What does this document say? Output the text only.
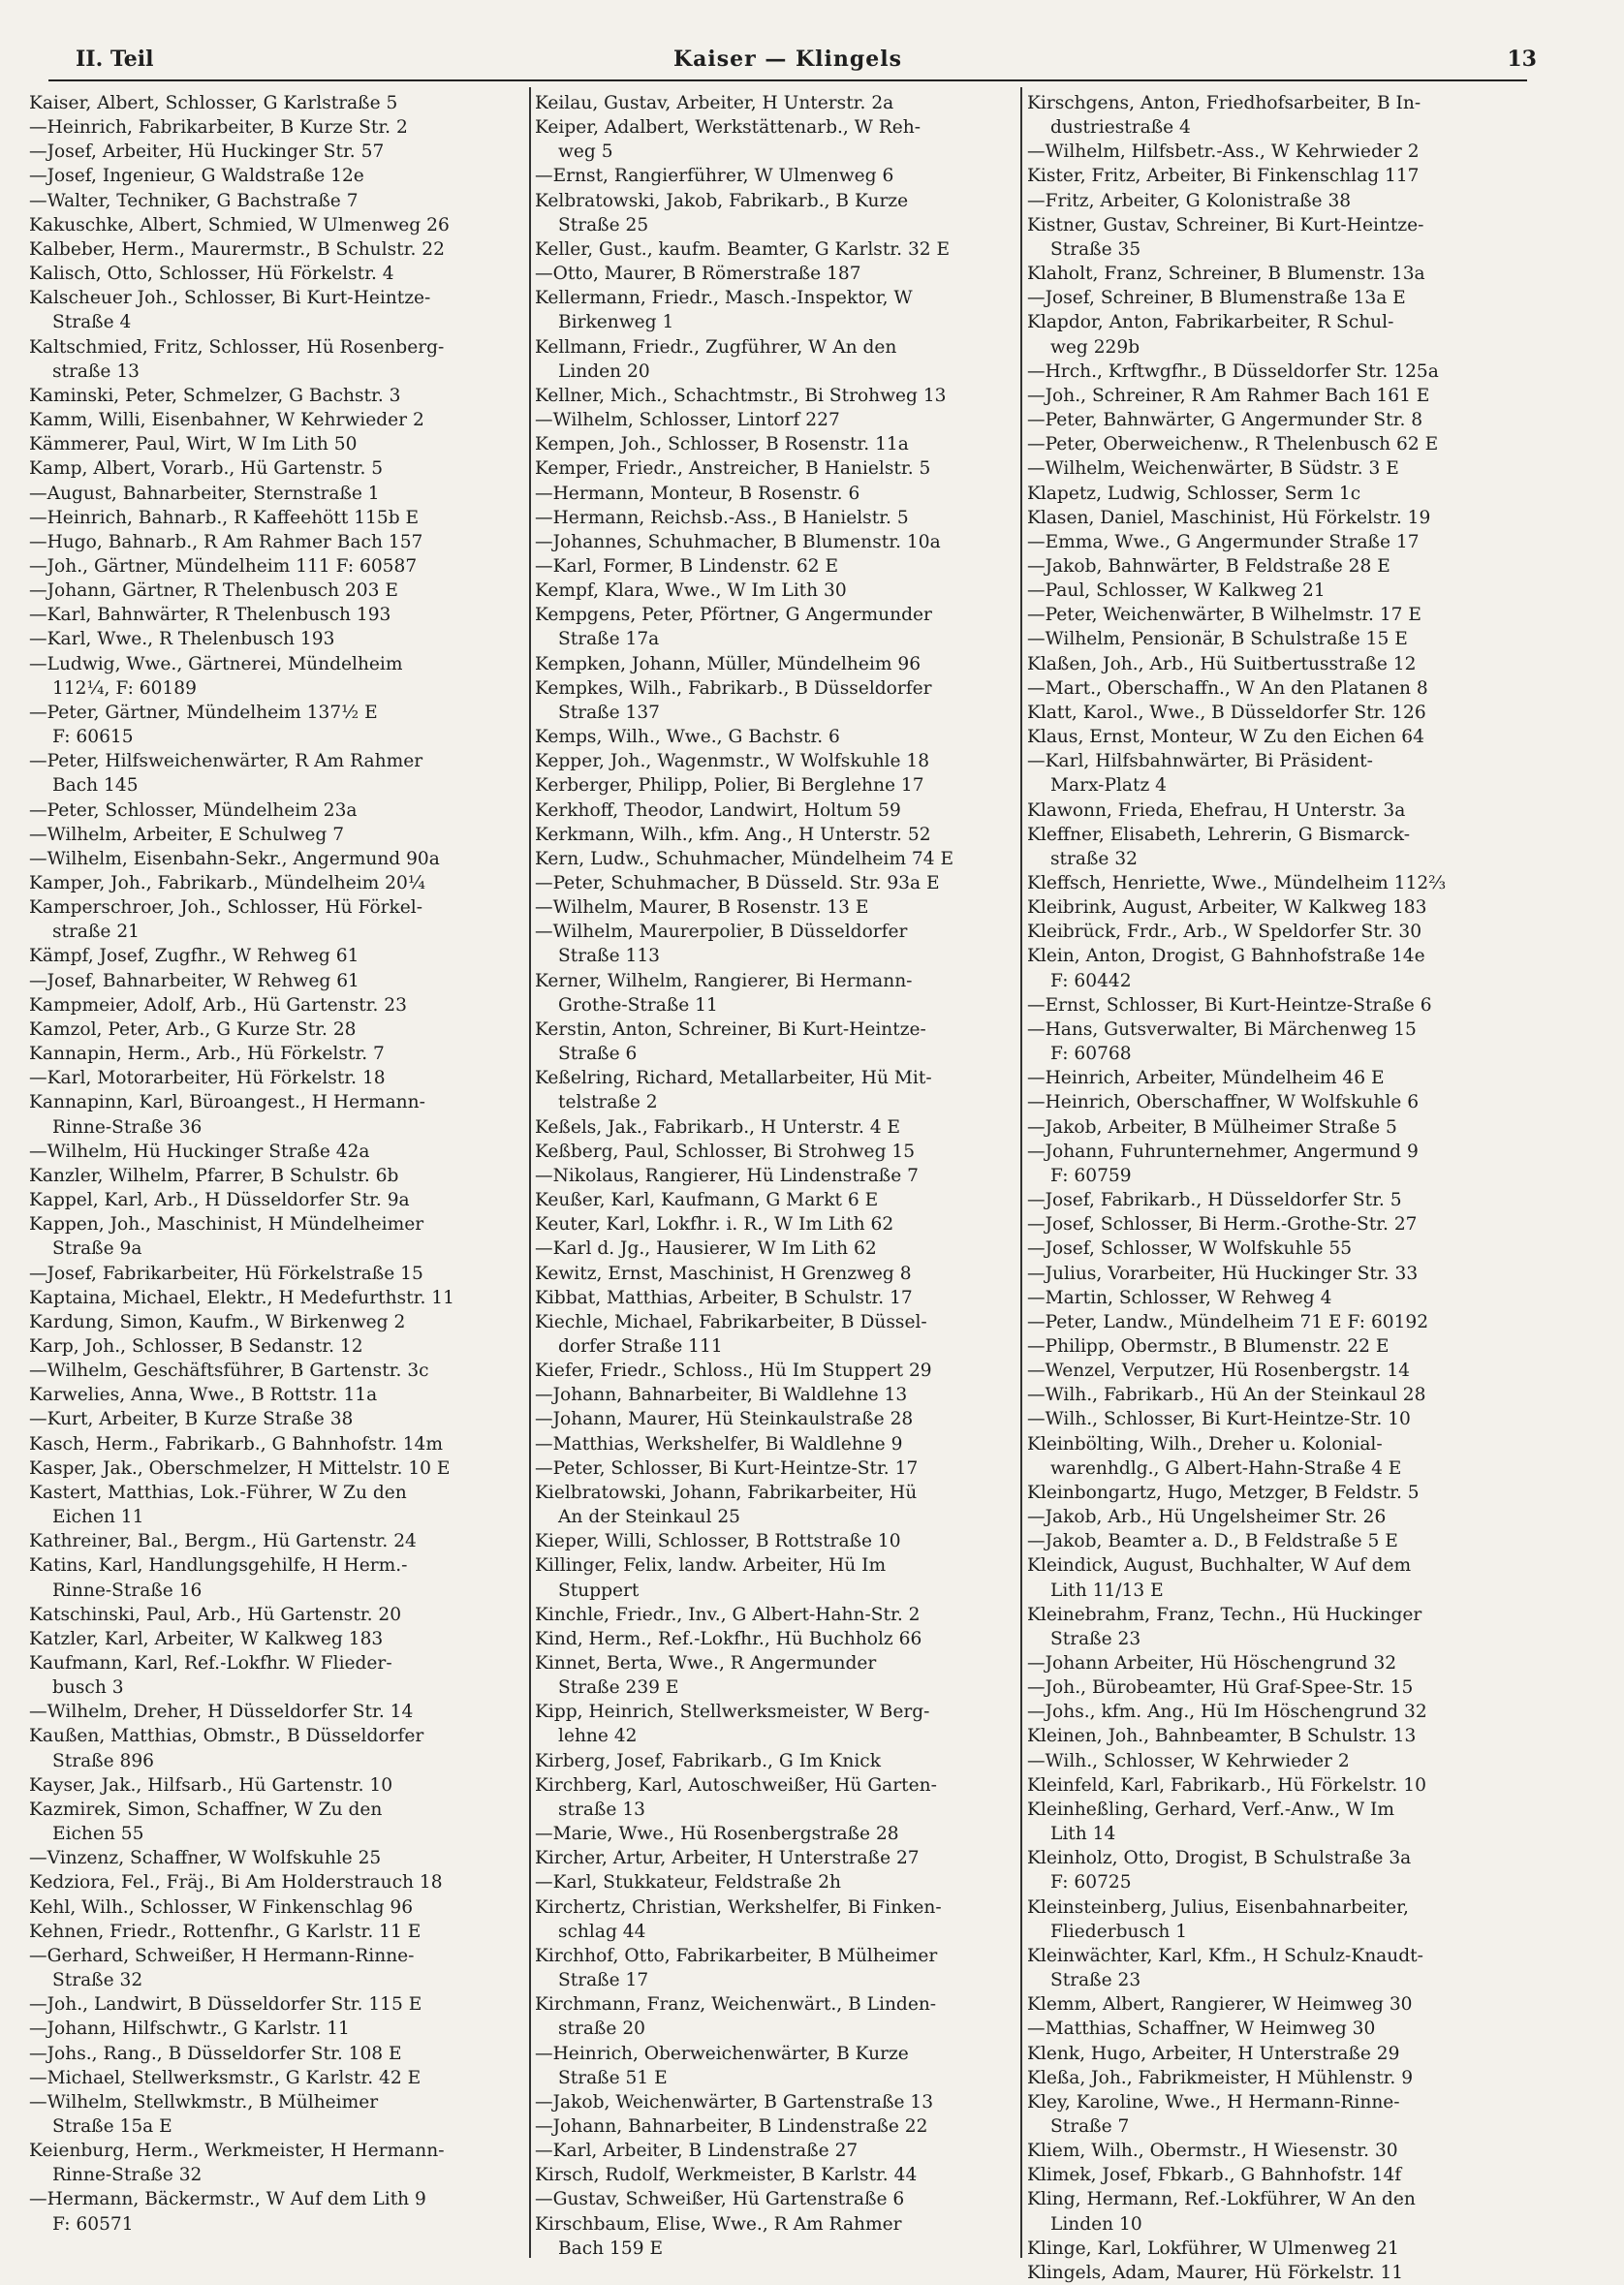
II. Teil	Kaiser — Klingels	13
Kaiser, Albert, Schlosser, G Karlstraße 5
—Heinrich, Fabrikarbeiter, B Kurze Str. 2
—Josef, Arbeiter, Hü Huckinger Str. 57
—Josef, Ingenieur, G Waldstraße 12e
—Walter, Techniker, G Bachstraße 7
Kakuschke, Albert, Schmied, W Ulmenweg 26
Kalbeber, Herm., Maurermstr., B Schulstr. 22
Kalisch, Otto, Schlosser, Hü Förkelstr. 4
Kalscheuer Joh., Schlosser, Bi Kurt-Heintze-
Straße 4
Kaltschmied, Fritz, Schlosser, Hü Rosenberg-
straße 13
Kaminski, Peter, Schmelzer, G Bachstr. 3
Kamm, Willi, Eisenbahner, W Kehrwieder 2
Kämmerer, Paul, Wirt, W Im Lith 50
Kamp, Albert, Vorarb., Hü Gartenstr. 5
—August, Bahnarbeiter, Sternstraße 1
—Heinrich, Bahnarb., R Kaffeehött 115b E
—Hugo, Bahnarb., R Am Rahmer Bach 157
—Joh., Gärtner, Mündelheim 111 F: 60587
—Johann, Gärtner, R Thelenbusch 203 E
—Karl, Bahnwärter, R Thelenbusch 193
—Karl, Wwe., R Thelenbusch 193
—Ludwig, Wwe., Gärtnerei, Mündelheim
112¼, F: 60189
—Peter, Gärtner, Mündelheim 137½ E
F: 60615
—Peter, Hilfsweichenwärter, R Am Rahmer
Bach 145
—Peter, Schlosser, Mündelheim 23a
—Wilhelm, Arbeiter, E Schulweg 7
—Wilhelm, Eisenbahn-Sekr., Angermund 90a
Kamper, Joh., Fabrikarb., Mündelheim 20¼
Kamperschroer, Joh., Schlosser, Hü Förkel-
straße 21
Kämpf, Josef, Zugfhr., W Rehweg 61
—Josef, Bahnarbeiter, W Rehweg 61
Kampmeier, Adolf, Arb., Hü Gartenstr. 23
Kamzol, Peter, Arb., G Kurze Str. 28
Kannapin, Herm., Arb., Hü Förkelstr. 7
—Karl, Motorarbeiter, Hü Förkelstr. 18
Kannapinn, Karl, Büroangest., H Hermann-
Rinne-Straße 36
—Wilhelm, Hü Huckinger Straße 42a
Kanzler, Wilhelm, Pfarrer, B Schulstr. 6b
Kappel, Karl, Arb., H Düsseldorfer Str. 9a
Kappen, Joh., Maschinist, H Mündelheimer
Straße 9a
—Josef, Fabrikarbeiter, Hü Förkelstraße 15
Kaptaina, Michael, Elektr., H Medefurthstr. 11
Kardung, Simon, Kaufm., W Birkenweg 2
Karp, Joh., Schlosser, B Sedanstr. 12
—Wilhelm, Geschäftsführer, B Gartenstr. 3c
Karwelies, Anna, Wwe., B Rottstr. 11a
—Kurt, Arbeiter, B Kurze Straße 38
Kasch, Herm., Fabrikarb., G Bahnhofstr. 14m
Kasper, Jak., Oberschmelzer, H Mittelstr. 10 E
Kastert, Matthias, Lok.-Führer, W Zu den
Eichen 11
Kathreiner, Bal., Bergm., Hü Gartenstr. 24
Katins, Karl, Handlungsgehilfe, H Herm.-
Rinne-Straße 16
Katschinski, Paul, Arb., Hü Gartenstr. 20
Katzler, Karl, Arbeiter, W Kalkweg 183
Kaufmann, Karl, Ref.-Lokfhr. W Flieder-
busch 3
—Wilhelm, Dreher, H Düsseldorfer Str. 14
Kaußen, Matthias, Obmstr., B Düsseldorfer
Straße 896
Kayser, Jak., Hilfsarb., Hü Gartenstr. 10
Kazmirek, Simon, Schaffner, W Zu den
Eichen 55
—Vinzenz, Schaffner, W Wolfskuhle 25
Kedziora, Fel., Fräj., Bi Am Holderstrauch 18
Kehl, Wilh., Schlosser, W Finkenschlag 96
Kehnen, Friedr., Rottenfhr., G Karlstr. 11 E
—Gerhard, Schweißer, H Hermann-Rinne-
Straße 32
—Joh., Landwirt, B Düsseldorfer Str. 115 E
—Johann, Hilfschwtr., G Karlstr. 11
—Johs., Rang., B Düsseldorfer Str. 108 E
—Michael, Stellwerksmstr., G Karlstr. 42 E
—Wilhelm, Stellwkmstr., B Mülheimer
Straße 15a E
Keienburg, Herm., Werkmeister, H Hermann-
Rinne-Straße 32
—Hermann, Bäckermstr., W Auf dem Lith 9
F: 60571
Keilau, Gustav, Arbeiter, H Unterstr. 2a
Keiper, Adalbert, Werkstättenarb., W Reh-
weg 5
—Ernst, Rangierführer, W Ulmenweg 6
Kelbratowski, Jakob, Fabrikarb., B Kurze
Straße 25
Keller, Gust., kaufm. Beamter, G Karlstr. 32 E
—Otto, Maurer, B Römerstraße 187
Kellermann, Friedr., Masch.-Inspektor, W
Birkenweg 1
Kellmann, Friedr., Zugführer, W An den
Linden 20
Kellner, Mich., Schachtmstr., Bi Strohweg 13
—Wilhelm, Schlosser, Lintorf 227
Kempen, Joh., Schlosser, B Rosenstr. 11a
Kemper, Friedr., Anstreicher, B Hanielstr. 5
—Hermann, Monteur, B Rosenstr. 6
—Hermann, Reichsb.-Ass., B Hanielstr. 5
—Johannes, Schuhmacher, B Blumenstr. 10a
—Karl, Former, B Lindenstr. 62 E
Kempf, Klara, Wwe., W Im Lith 30
Kempgens, Peter, Pförtner, G Angermunder
Straße 17a
Kempken, Johann, Müller, Mündelheim 96
Kempkes, Wilh., Fabrikarb., B Düsseldorfer
Straße 137
Kemps, Wilh., Wwe., G Bachstr. 6
Kepper, Joh., Wagenmstr., W Wolfskuhle 18
Kerberger, Philipp, Polier, Bi Berglehne 17
Kerkhoff, Theodor, Landwirt, Holtum 59
Kerkmann, Wilh., kfm. Ang., H Unterstr. 52
Kern, Ludw., Schuhmacher, Mündelheim 74 E
—Peter, Schuhmacher, B Düsseld. Str. 93a E
—Wilhelm, Maurer, B Rosenstr. 13 E
—Wilhelm, Maurerpolier, B Düsseldorfer
Straße 113
Kerner, Wilhelm, Rangierer, Bi Hermann-
Grothe-Straße 11
Kerstin, Anton, Schreiner, Bi Kurt-Heintze-
Straße 6
Keßelring, Richard, Metallarbeiter, Hü Mit-
telstraße 2
Keßels, Jak., Fabrikarb., H Unterstr. 4 E
Keßberg, Paul, Schlosser, Bi Strohweg 15
—Nikolaus, Rangierer, Hü Lindenstraße 7
Keußer, Karl, Kaufmann, G Markt 6 E
Keuter, Karl, Lokfhr. i. R., W Im Lith 62
—Karl d. Jg., Hausierer, W Im Lith 62
Kewitz, Ernst, Maschinist, H Grenzweg 8
Kibbat, Matthias, Arbeiter, B Schulstr. 17
Kiechle, Michael, Fabrikarbeiter, B Düssel-
dorfer Straße 111
Kiefer, Friedr., Schloss., Hü Im Stuppert 29
—Johann, Bahnarbeiter, Bi Waldlehne 13
—Johann, Maurer, Hü Steinkaulstraße 28
—Matthias, Werkshelfer, Bi Waldlehne 9
—Peter, Schlosser, Bi Kurt-Heintze-Str. 17
Kielbratowski, Johann, Fabrikarbeiter, Hü
An der Steinkaul 25
Kieper, Willi, Schlosser, B Rottstraße 10
Killinger, Felix, landw. Arbeiter, Hü Im
Stuppert
Kinchle, Friedr., Inv., G Albert-Hahn-Str. 2
Kind, Herm., Ref.-Lokfhr., Hü Buchholz 66
Kinnet, Berta, Wwe., R Angermunder
Straße 239 E
Kipp, Heinrich, Stellwerksmeister, W Berg-
lehne 42
Kirberg, Josef, Fabrikarb., G Im Knick
Kirchberg, Karl, Autoschweißer, Hü Garten-
straße 13
—Marie, Wwe., Hü Rosenbergstraße 28
Kircher, Artur, Arbeiter, H Unterstraße 27
—Karl, Stukkateur, Feldstraße 2h
Kirchertz, Christian, Werkshelfer, Bi Finken-
schlag 44
Kirchhof, Otto, Fabrikarbeiter, B Mülheimer
Straße 17
Kirchmann, Franz, Weichenwärt., B Linden-
straße 20
—Heinrich, Oberweichenwärter, B Kurze
Straße 51 E
—Jakob, Weichenwärter, B Gartenstraße 13
—Johann, Bahnarbeiter, B Lindenstraße 22
—Karl, Arbeiter, B Lindenstraße 27
Kirsch, Rudolf, Werkmeister, B Karlstr. 44
—Gustav, Schweißer, Hü Gartenstraße 6
Kirschbaum, Elise, Wwe., R Am Rahmer
Bach 159 E
Kirschgens, Anton, Friedhofsarbeiter, B In-
dustriestraße 4
—Wilhelm, Hilfsbetr.-Ass., W Kehrwieder 2
Kister, Fritz, Arbeiter, Bi Finkenschlag 117
—Fritz, Arbeiter, G Kolonistraße 38
Kistner, Gustav, Schreiner, Bi Kurt-Heintze-
Straße 35
Klaholt, Franz, Schreiner, B Blumenstr. 13a
—Josef, Schreiner, B Blumenstraße 13a E
Klapdor, Anton, Fabrikarbeiter, R Schul-
weg 229b
—Hrch., Krftwgfhr., B Düsseldorfer Str. 125a
—Joh., Schreiner, R Am Rahmer Bach 161 E
—Peter, Bahnwärter, G Angermunder Str. 8
—Peter, Oberweichenw., R Thelenbusch 62 E
—Wilhelm, Weichenwärter, B Südstr. 3 E
Klapetz, Ludwig, Schlosser, Serm 1c
Klasen, Daniel, Maschinist, Hü Förkelstr. 19
—Emma, Wwe., G Angermunder Straße 17
—Jakob, Bahnwärter, B Feldstraße 28 E
—Paul, Schlosser, W Kalkweg 21
—Peter, Weichenwärter, B Wilhelmstr. 17 E
—Wilhelm, Pensionär, B Schulstraße 15 E
Klaßen, Joh., Arb., Hü Suitbertusstraße 12
—Mart., Oberschaffn., W An den Platanen 8
Klatt, Karol., Wwe., B Düsseldorfer Str. 126
Klaus, Ernst, Monteur, W Zu den Eichen 64
—Karl, Hilfsbahnwärter, Bi Präsident-
Marx-Platz 4
Klawonn, Frieda, Ehefrau, H Unterstr. 3a
Kleffner, Elisabeth, Lehrerin, G Bismarck-
straße 32
Kleffsch, Henriette, Wwe., Mündelheim 112⅔
Kleibrink, August, Arbeiter, W Kalkweg 183
Kleibrück, Frdr., Arb., W Speldorfer Str. 30
Klein, Anton, Drogist, G Bahnhofstraße 14e
F: 60442
—Ernst, Schlosser, Bi Kurt-Heintze-Straße 6
—Hans, Gutsverwalter, Bi Märchenweg 15
F: 60768
—Heinrich, Arbeiter, Mündelheim 46 E
—Heinrich, Oberschaffner, W Wolfskuhle 6
—Jakob, Arbeiter, B Mülheimer Straße 5
—Johann, Fuhrunternehmer, Angermund 9
F: 60759
—Josef, Fabrikarb., H Düsseldorfer Str. 5
—Josef, Schlosser, Bi Herm.-Grothe-Str. 27
—Josef, Schlosser, W Wolfskuhle 55
—Julius, Vorarbeiter, Hü Huckinger Str. 33
—Martin, Schlosser, W Rehweg 4
—Peter, Landw., Mündelheim 71 E F: 60192
—Philipp, Obermstr., B Blumenstr. 22 E
—Wenzel, Verputzer, Hü Rosenbergstr. 14
—Wilh., Fabrikarb., Hü An der Steinkaul 28
—Wilh., Schlosser, Bi Kurt-Heintze-Str. 10
Kleinbölting, Wilh., Dreher u. Kolonial-
warenhdlg., G Albert-Hahn-Straße 4 E
Kleinbongartz, Hugo, Metzger, B Feldstr. 5
—Jakob, Arb., Hü Ungelsheimer Str. 26
—Jakob, Beamter a. D., B Feldstraße 5 E
Kleindick, August, Buchhalter, W Auf dem
Lith 11/13 E
Kleinebrahm, Franz, Techn., Hü Huckinger
Straße 23
—Johann Arbeiter, Hü Höschengrund 32
—Joh., Bürobeamter, Hü Graf-Spee-Str. 15
—Johs., kfm. Ang., Hü Im Höschengrund 32
Kleinen, Joh., Bahnbeamter, B Schulstr. 13
—Wilh., Schlosser, W Kehrwieder 2
Kleinfeld, Karl, Fabrikarb., Hü Förkelstr. 10
Kleinheßling, Gerhard, Verf.-Anw., W Im
Lith 14
Kleinholz, Otto, Drogist, B Schulstraße 3a
F: 60725
Kleinsteinberg, Julius, Eisenbahnarbeiter,
Fliederbusch 1
Kleinwächter, Karl, Kfm., H Schulz-Knaudt-
Straße 23
Klemm, Albert, Rangierer, W Heimweg 30
—Matthias, Schaffner, W Heimweg 30
Klenk, Hugo, Arbeiter, H Unterstraße 29
Kleßa, Joh., Fabrikmeister, H Mühlenstr. 9
Kley, Karoline, Wwe., H Hermann-Rinne-
Straße 7
Kliem, Wilh., Obermstr., H Wiesenstr. 30
Klimek, Josef, Fbkarb., G Bahnhofstr. 14f
Kling, Hermann, Ref.-Lokführer, W An den
Linden 10
Klinge, Karl, Lokführer, W Ulmenweg 21
Klingels, Adam, Maurer, Hü Förkelstr. 11
